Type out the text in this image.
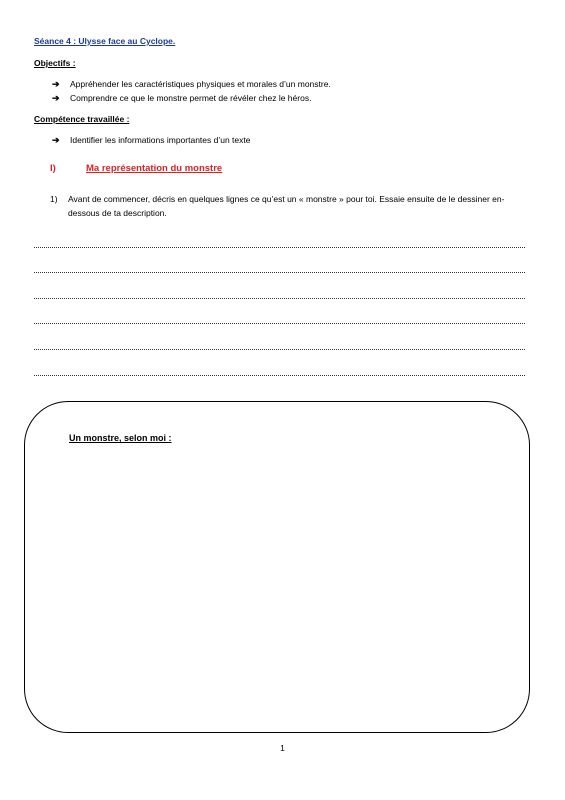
Séance 4 : Ulysse face au Cyclope.
Objectifs :
➔	Appréhender les caractéristiques physiques et morales d’un monstre.
➔	Comprendre ce que le monstre permet de révéler chez le héros.
Compétence travaillée :
➔	Identifier les informations importantes d’un texte
I)	Ma représentation du monstre
1)	Avant de commencer, décris en quelques lignes ce qu’est un « monstre » pour toi. Essaie ensuite de le dessiner en-dessous de ta description.
Un monstre, selon moi :
1
